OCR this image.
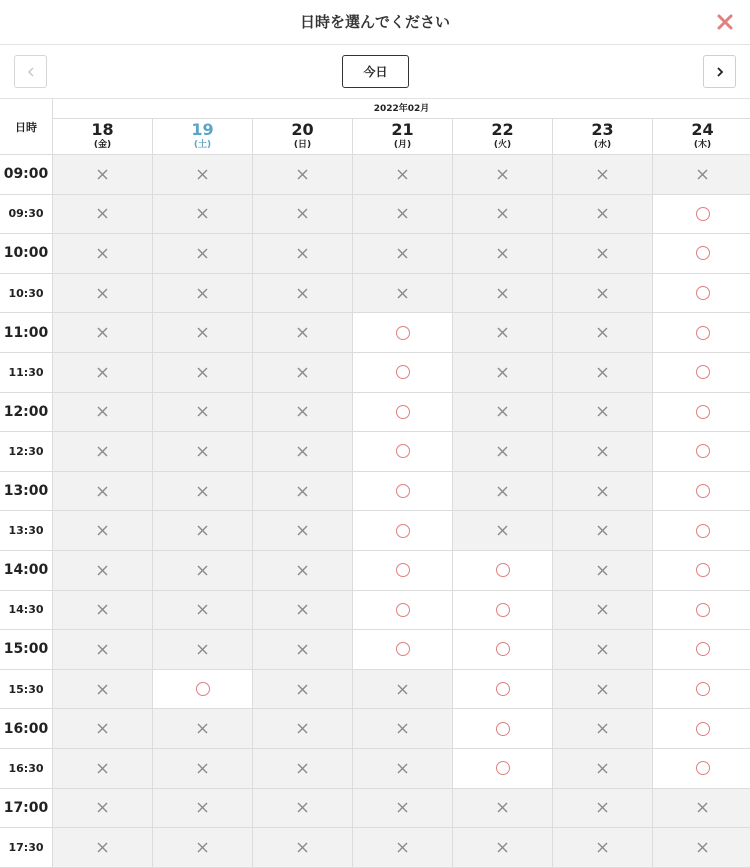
日時を選んでください
今日
日時
2022年02月
18
(金)
19
(土)
20
(日)
21
(月)
22
(火)
23
(水)
24
(木)
09:00
09:30
10:00
10:30
11:00
11:30
12:00
12:30
13:00
13:30
14:00
14:30
15:00
15:30
16:00
16:30
17:00
17:30
